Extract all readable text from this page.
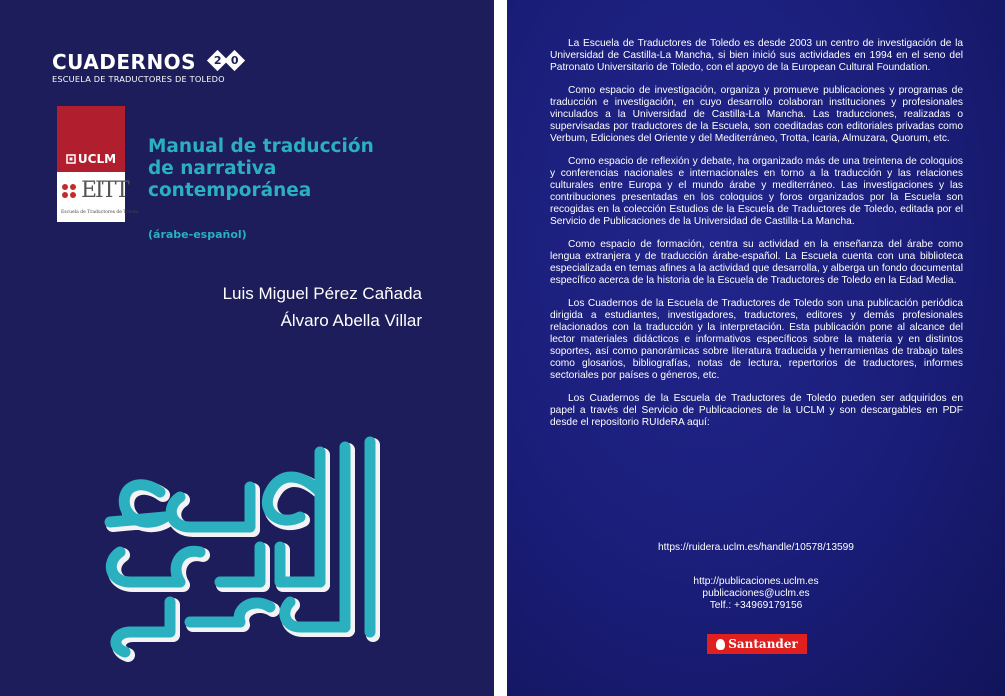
CUADERNOS 2 0
ESCUELA DE TRADUCTORES DE TOLEDO
UCLM
EITT
Escuela de Traductores de Toledo
Manual de traducción
de narrativa
contemporánea
(árabe-español)
Luis Miguel Pérez Cañada
Álvaro Abella Villar

La Escuela de Traductores de Toledo es desde 2003 un centro de investigación de la Universidad de Castilla-La Mancha, si bien inició sus actividades en 1994 en el seno del Patronato Universitario de Toledo, con el apoyo de la European Cultural Foundation.

Como espacio de investigación, organiza y promueve publicaciones y programas de traducción e investigación, en cuyo desarrollo colaboran instituciones y profesionales vinculados a la Universidad de Castilla-La Mancha. Las traducciones, realizadas o supervisadas por traductores de la Escuela, son coeditadas con editoriales privadas como Verbum, Ediciones del Oriente y del Mediterráneo, Trotta, Icaria, Almuzara, Quorum, etc.

Como espacio de reflexión y debate, ha organizado más de una treintena de coloquios y conferencias nacionales e internacionales en torno a la traducción y las relaciones culturales entre Europa y el mundo árabe y mediterráneo. Las investigaciones y las contribuciones presentadas en los coloquios y foros organizados por la Escuela son recogidas en la colección Estudios de la Escuela de Traductores de Toledo, editada por el Servicio de Publicaciones de la Universidad de Castilla-La Mancha.

Como espacio de formación, centra su actividad en la enseñanza del árabe como lengua extranjera y de traducción árabe-español. La Escuela cuenta con una biblioteca especializada en temas afines a la actividad que desarrolla, y alberga un fondo documental específico acerca de la historia de la Escuela de Traductores de Toledo en la Edad Media.

Los Cuadernos de la Escuela de Traductores de Toledo son una publicación periódica dirigida a estudiantes, investigadores, traductores, editores y demás profesionales relacionados con la traducción y la interpretación. Esta publicación pone al alcance del lector materiales didácticos e informativos específicos sobre la materia y en distintos soportes, así como panorámicas sobre literatura traducida y herramientas de trabajo tales como glosarios, bibliografías, notas de lectura, repertorios de traductores, informes sectoriales por países o géneros, etc.

Los Cuadernos de la Escuela de Traductores de Toledo pueden ser adquiridos en papel a través del Servicio de Publicaciones de la UCLM y son descargables en PDF desde el repositorio RUIdeRA aquí:

https://ruidera.uclm.es/handle/10578/13599
http://publicaciones.uclm.es
publicaciones@uclm.es
Telf.: +34969179156
Santander
